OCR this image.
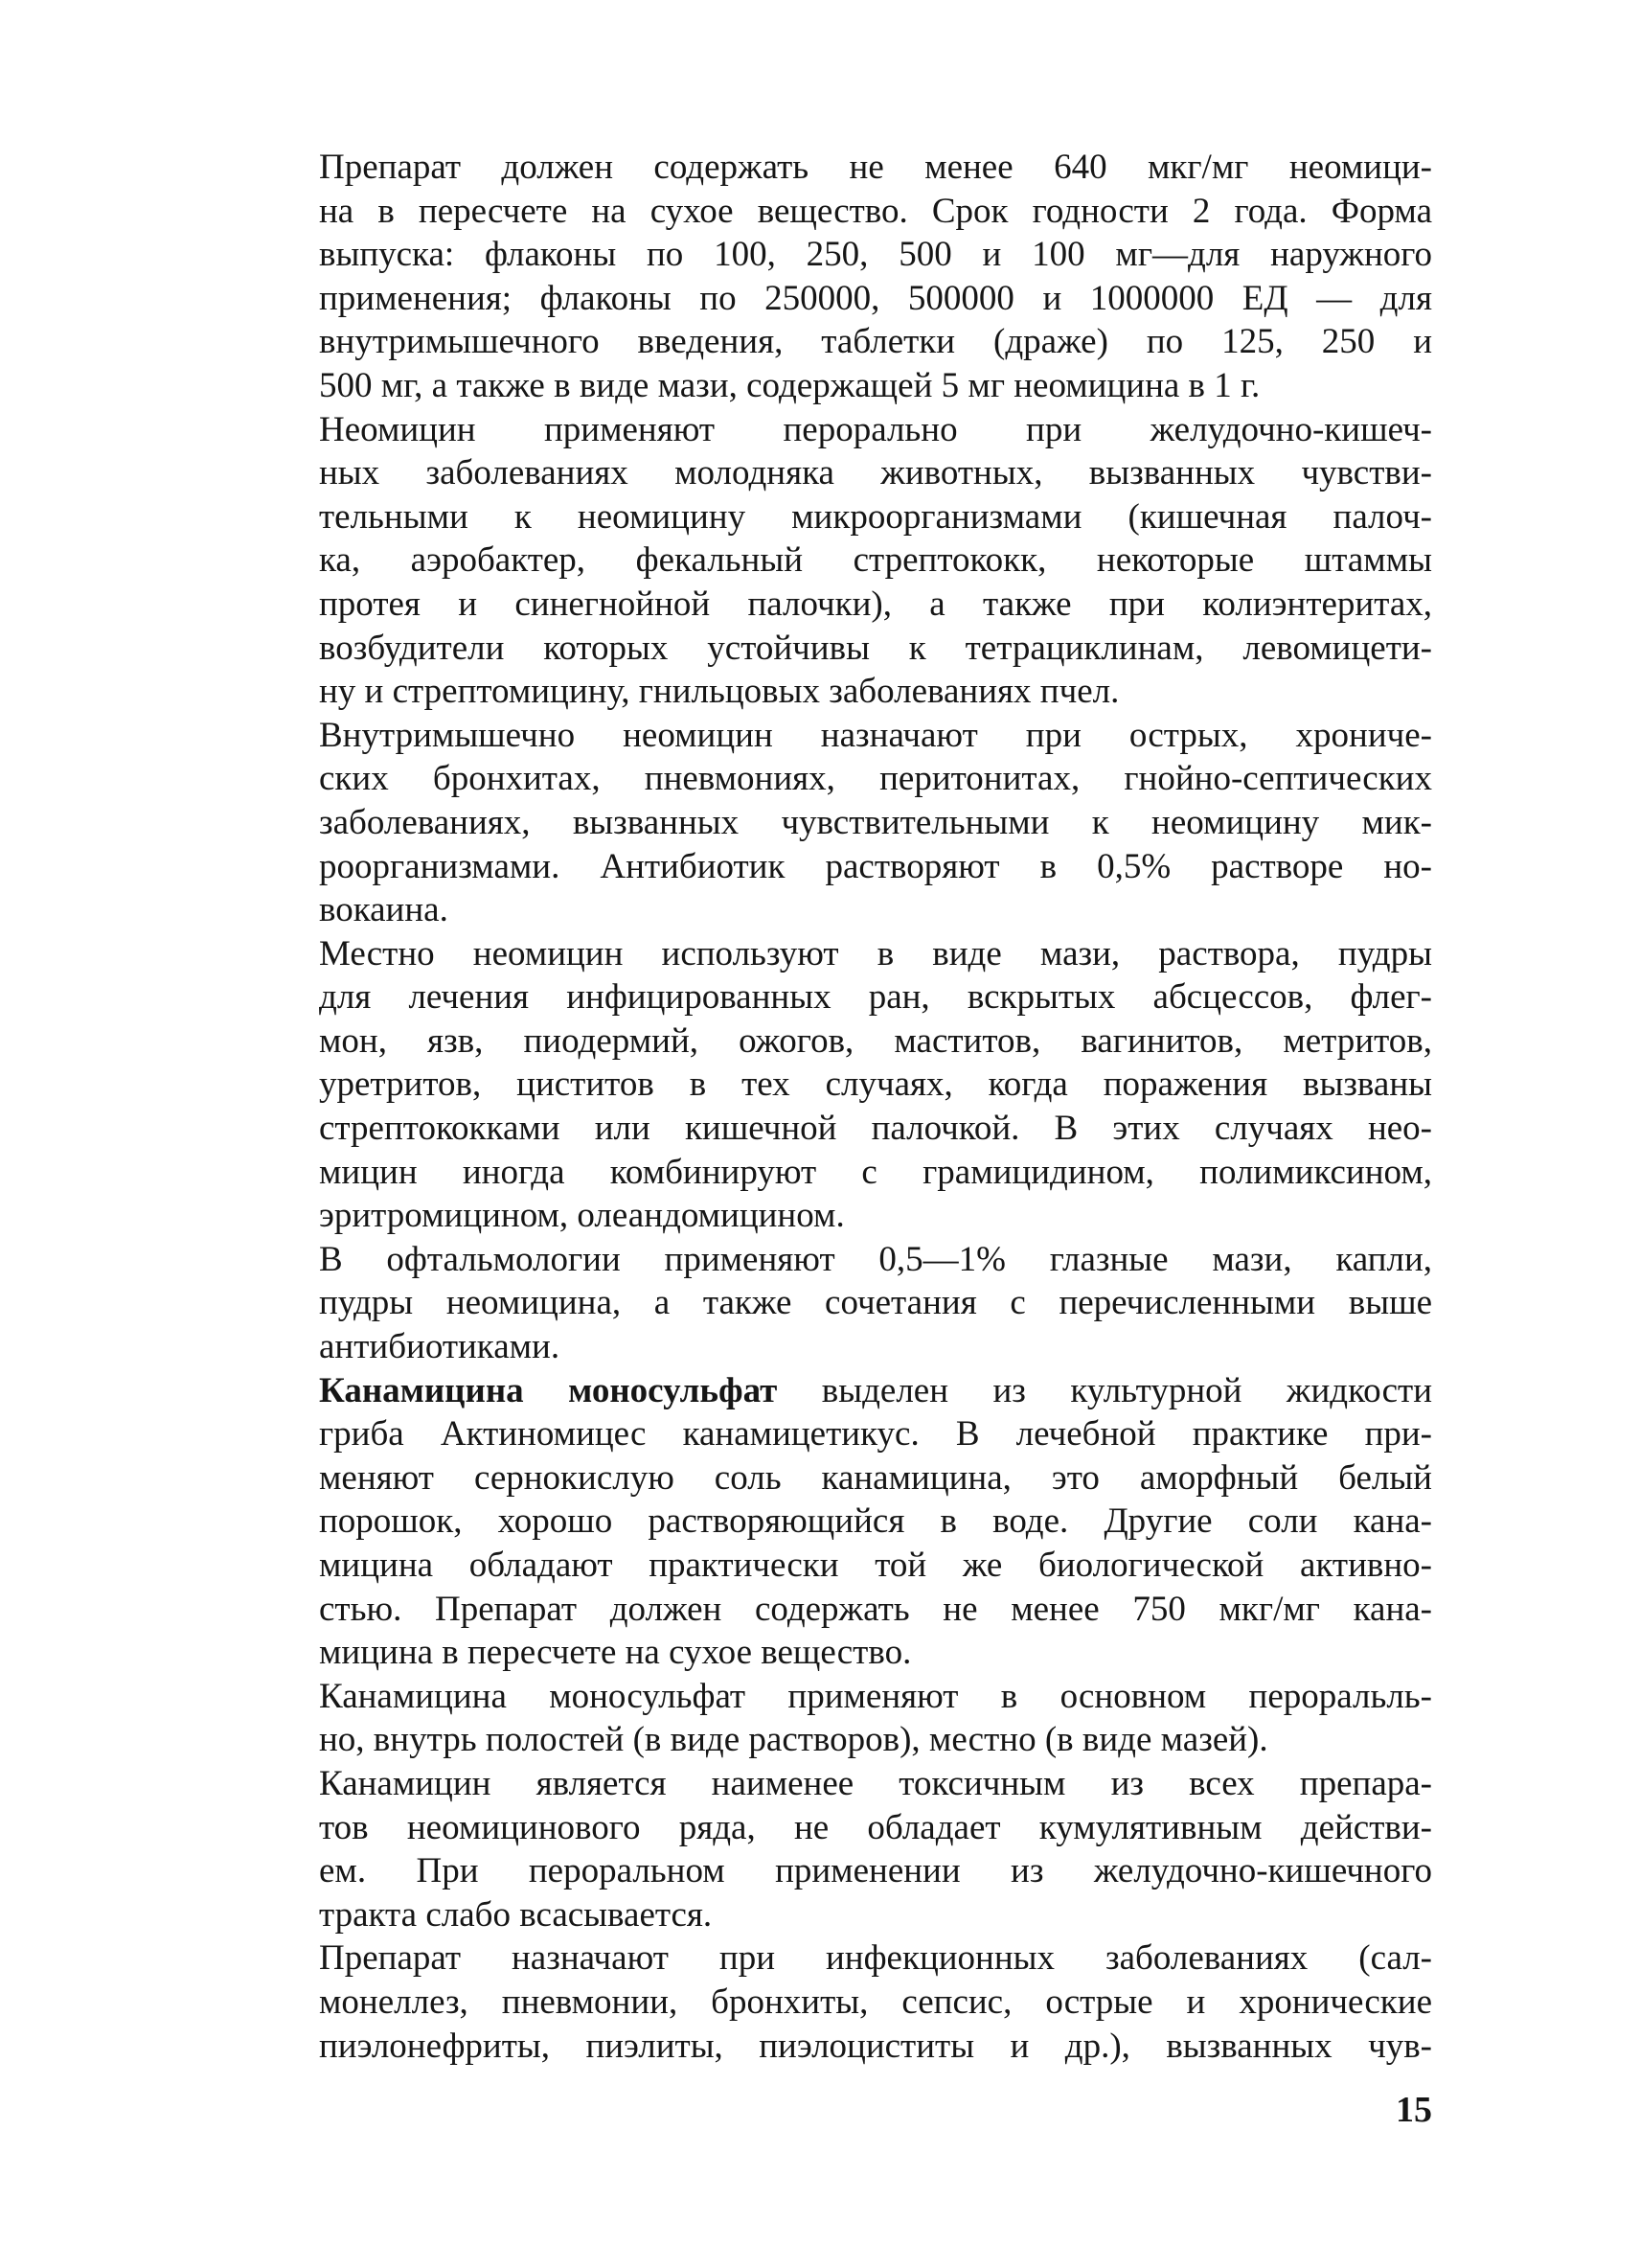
Препарат должен содержать не менее 640 мкг/мг неомици-
на в пересчете на сухое вещество. Срок годности 2 года. Форма
выпуска: флаконы по 100, 250, 500 и 100 мг—для наружного
применения; флаконы по 250000, 500000 и 1000000 ЕД — для
внутримышечного введения, таблетки (драже) по 125, 250 и
500 мг, а также в виде мази, содержащей 5 мг неомицина в 1 г.

Неомицин применяют перорально при желудочно-кишеч-
ных заболеваниях молодняка животных, вызванных чувстви-
тельными к неомицину микроорганизмами (кишечная палоч-
ка, аэробактер, фекальный стрептококк, некоторые штаммы
протея и синегнойной палочки), а также при колиэнтеритах,
возбудители которых устойчивы к тетрациклинам, левомицети-
ну и стрептомицину, гнильцовых заболеваниях пчел.

Внутримышечно неомицин назначают при острых, хрониче-
ских бронхитах, пневмониях, перитонитах, гнойно-септических
заболеваниях, вызванных чувствительными к неомицину мик-
роорганизмами. Антибиотик растворяют в 0,5% растворе но-
вокаина.

Местно неомицин используют в виде мази, раствора, пудры
для лечения инфицированных ран, вскрытых абсцессов, флег-
мон, язв, пиодермий, ожогов, маститов, вагинитов, метритов,
уретритов, циститов в тех случаях, когда поражения вызваны
стрептококками или кишечной палочкой. В этих случаях нео-
мицин иногда комбинируют с грамицидином, полимиксином,
эритромицином, олеандомицином.

В офтальмологии применяют 0,5—1% глазные мази, капли,
пудры неомицина, а также сочетания с перечисленными выше
антибиотиками.

Канамицина моносульфат выделен из культурной жидкости
гриба Актиномицес канамицетикус. В лечебной практике при-
меняют сернокислую соль канамицина, это аморфный белый
порошок, хорошо растворяющийся в воде. Другие соли кана-
мицина обладают практически той же биологической активно-
стью. Препарат должен содержать не менее 750 мкг/мг кана-
мицина в пересчете на сухое вещество.

Канамицина моносульфат применяют в основном пероральль-
но, внутрь полостей (в виде растворов), местно (в виде мазей).

Канамицин является наименее токсичным из всех препара-
тов неомицинового ряда, не обладает кумулятивным действи-
ем. При пероральном применении из желудочно-кишечного
тракта слабо всасывается.

Препарат назначают при инфекционных заболеваниях (сал-
монеллез, пневмонии, бронхиты, сепсис, острые и хронические
пиэлонефриты, пиэлиты, пиэлоциститы и др.), вызванных чув-

15
